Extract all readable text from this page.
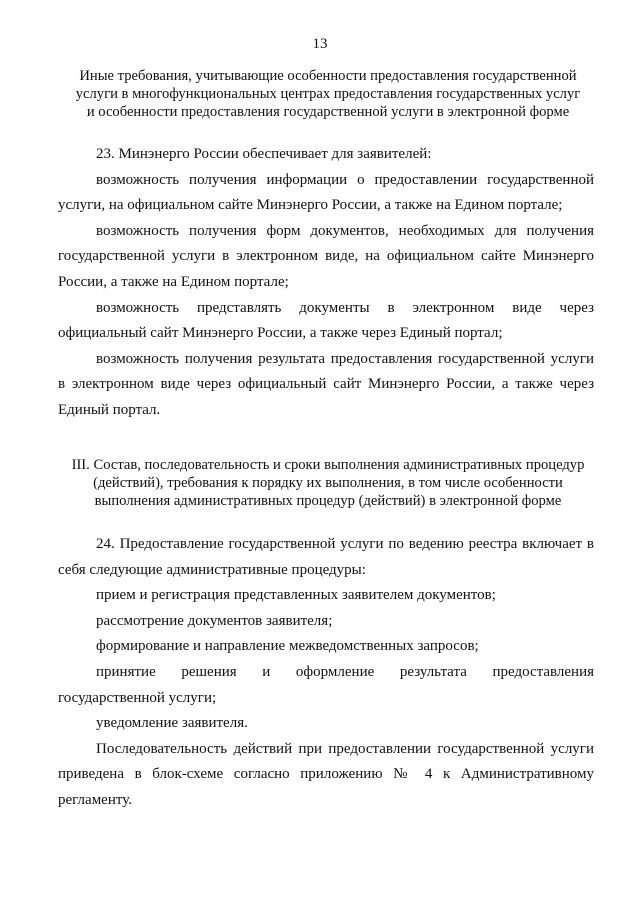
13
Иные требования, учитывающие особенности предоставления государственной
услуги в многофункциональных центрах предоставления государственных услуг
и особенности предоставления государственной услуги в электронной форме
23. Минэнерго России обеспечивает для заявителей:
возможность получения информации о предоставлении государственной
услуги, на официальном сайте Минэнерго России, а также на Едином портале;
возможность получения форм документов, необходимых для получения
государственной услуги в электронном виде, на официальном сайте Минэнерго
России, а также на Едином портале;
возможность представлять документы в электронном виде через
официальный сайт Минэнерго России, а также через Единый портал;
возможность получения результата предоставления государственной услуги
в электронном виде через официальный сайт Минэнерго России, а также через
Единый портал.
III. Состав, последовательность и сроки выполнения административных процедур
(действий), требования к порядку их выполнения, в том числе особенности
выполнения административных процедур (действий) в электронной форме
24. Предоставление государственной услуги по ведению реестра включает в
себя следующие административные процедуры:
прием и регистрация представленных заявителем документов;
рассмотрение документов заявителя;
формирование и направление межведомственных запросов;
принятие решения и оформление результата предоставления
государственной услуги;
уведомление заявителя.
Последовательность действий при предоставлении государственной услуги
приведена в блок-схеме согласно приложению № 4 к Административному
регламенту.
